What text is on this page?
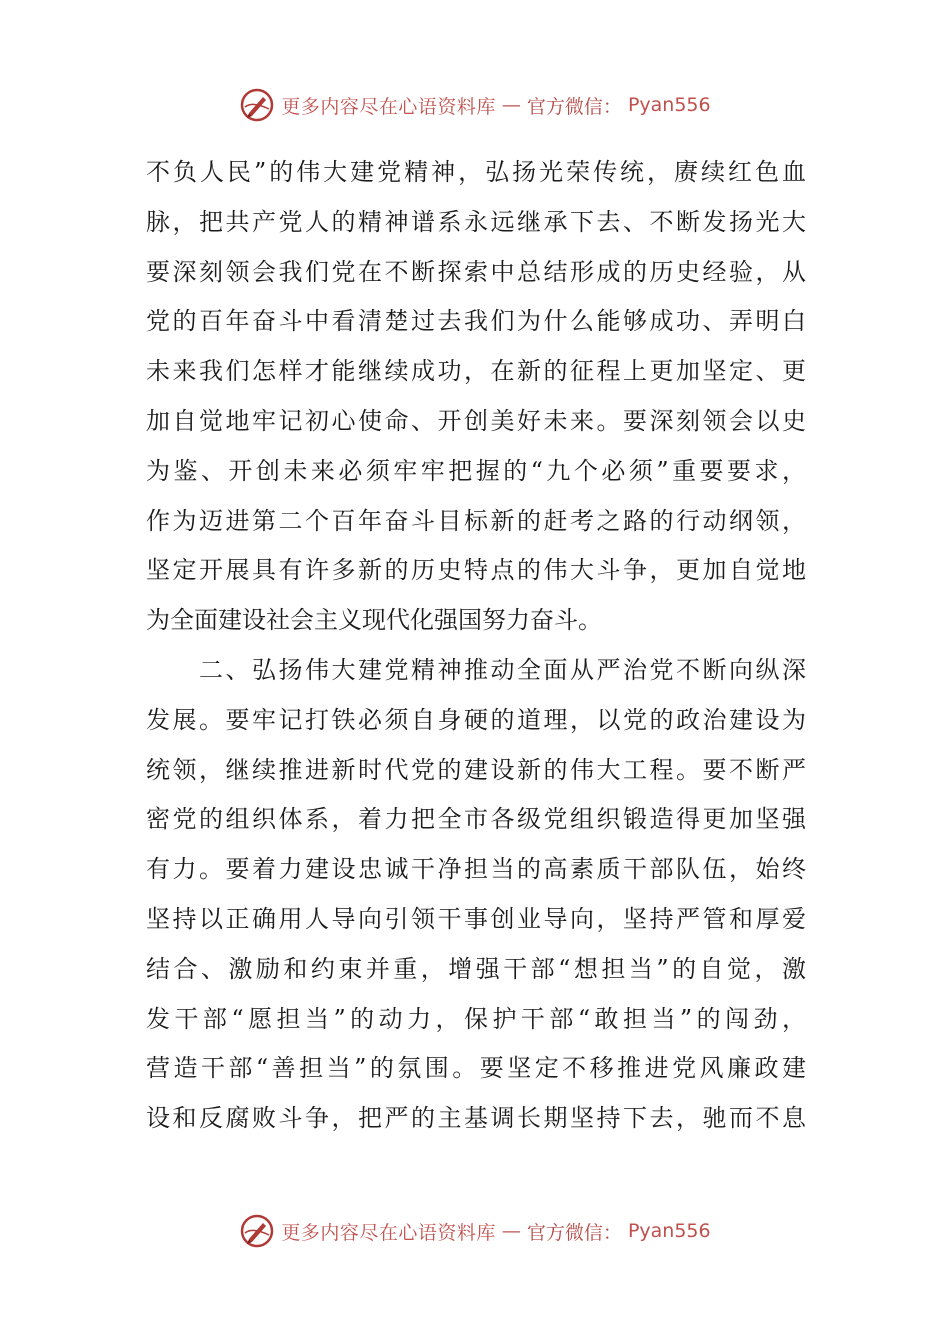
更多内容尽在心语资料库 — 官方微信： Pyan556
不负人民”的伟大建党精神，弘扬光荣传统，赓续红色血
脉，把共产党人的精神谱系永远继承下去、不断发扬光大
要深刻领会我们党在不断探索中总结形成的历史经验，从
党的百年奋斗中看清楚过去我们为什么能够成功、弄明白
未来我们怎样才能继续成功，在新的征程上更加坚定、更
加自觉地牢记初心使命、开创美好未来。要深刻领会以史
为鉴、开创未来必须牢牢把握的“九个必须”重要要求，
作为迈进第二个百年奋斗目标新的赶考之路的行动纲领，
坚定开展具有许多新的历史特点的伟大斗争，更加自觉地
为全面建设社会主义现代化强国努力奋斗。
　　二、弘扬伟大建党精神推动全面从严治党不断向纵深
发展。要牢记打铁必须自身硬的道理，以党的政治建设为
统领，继续推进新时代党的建设新的伟大工程。要不断严
密党的组织体系，着力把全市各级党组织锻造得更加坚强
有力。要着力建设忠诚干净担当的高素质干部队伍，始终
坚持以正确用人导向引领干事创业导向，坚持严管和厚爱
结合、激励和约束并重，增强干部“想担当”的自觉，激
发干部“愿担当”的动力，保护干部“敢担当”的闯劲，
营造干部“善担当”的氛围。要坚定不移推进党风廉政建
设和反腐败斗争，把严的主基调长期坚持下去，驰而不息
更多内容尽在心语资料库 — 官方微信： Pyan556
